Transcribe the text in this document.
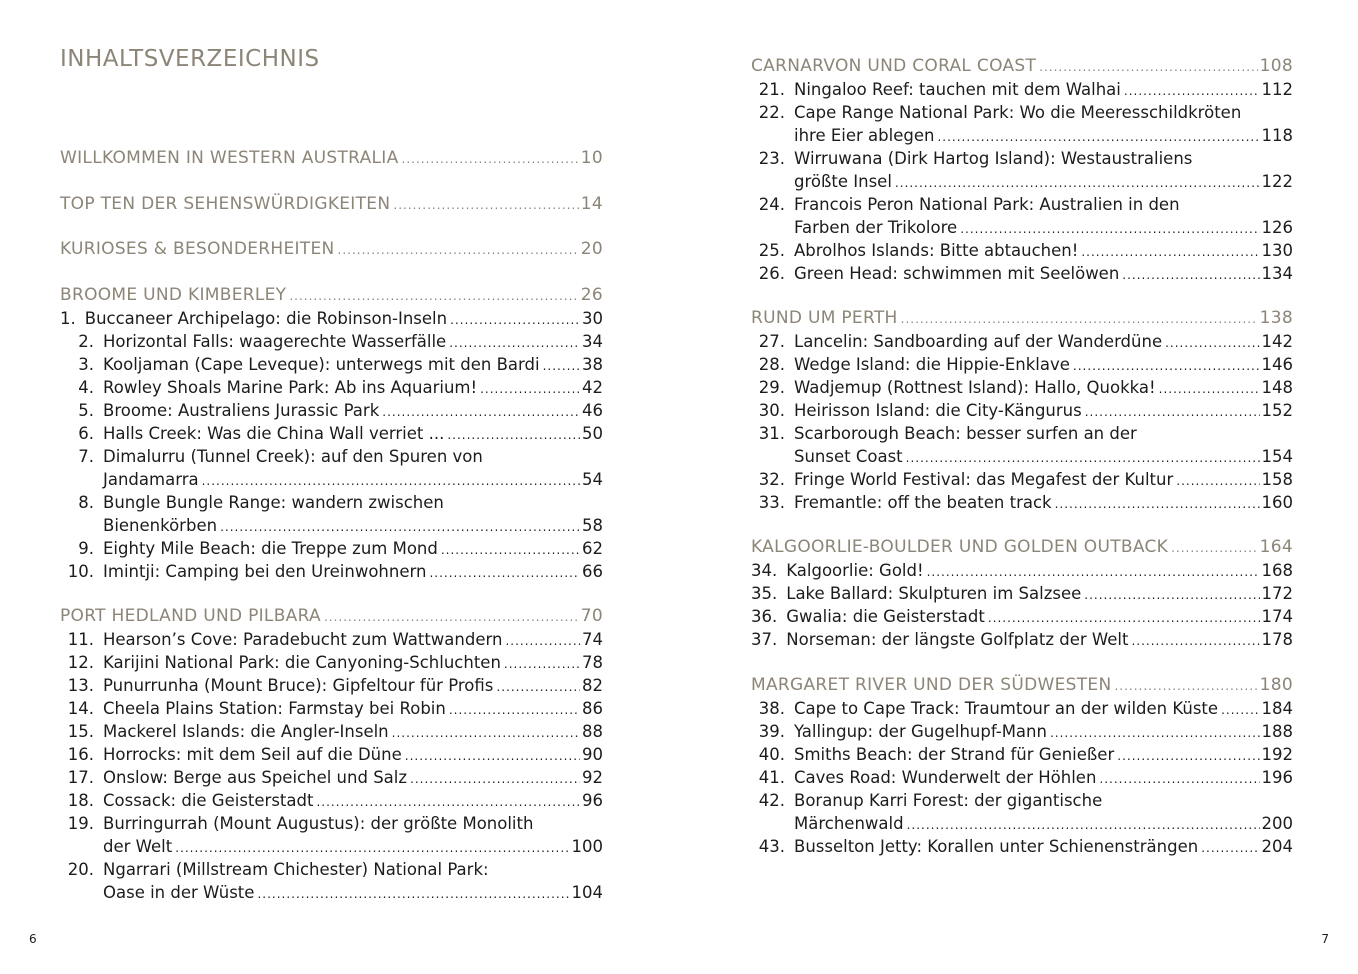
INHALTSVERZEICHNIS
WILLKOMMEN IN WESTERN AUSTRALIA .....	10
TOP TEN DER SEHENSWÜRDIGKEITEN .....	14
KURIOSES & BESONDERHEITEN .....	20
BROOME UND KIMBERLEY .....	26
1. Buccaneer Archipelago: die Robinson-Inseln .....	30
2. Horizontal Falls: waagerechte Wasserfälle .....	34
3. Kooljaman (Cape Leveque): unterwegs mit den Bardi .....	38
4. Rowley Shoals Marine Park: Ab ins Aquarium! .....	42
5. Broome: Australiens Jurassic Park .....	46
6. Halls Creek: Was die China Wall verriet ... .....	50
7. Dimalurru (Tunnel Creek): auf den Spuren von
Jandamarra .....	54
8. Bungle Bungle Range: wandern zwischen
Bienenkörben .....	58
9. Eighty Mile Beach: die Treppe zum Mond .....	62
10. Imintji: Camping bei den Ureinwohnern .....	66
PORT HEDLAND UND PILBARA .....	70
11. Hearson’s Cove: Paradebucht zum Wattwandern .....	74
12. Karijini National Park: die Canyoning-Schluchten .....	78
13. Punurrunha (Mount Bruce): Gipfeltour für Profis .....	82
14. Cheela Plains Station: Farmstay bei Robin .....	86
15. Mackerel Islands: die Angler-Inseln .....	88
16. Horrocks: mit dem Seil auf die Düne .....	90
17. Onslow: Berge aus Speichel und Salz .....	92
18. Cossack: die Geisterstadt .....	96
19. Burringurrah (Mount Augustus): der größte Monolith
der Welt .....	100
20. Ngarrari (Millstream Chichester) National Park:
Oase in der Wüste .....	104
CARNARVON UND CORAL COAST .....	108
21. Ningaloo Reef: tauchen mit dem Walhai .....	112
22. Cape Range National Park: Wo die Meeresschildkröten
ihre Eier ablegen .....	118
23. Wirruwana (Dirk Hartog Island): Westaustraliens
größte Insel .....	122
24. Francois Peron National Park: Australien in den
Farben der Trikolore .....	126
25. Abrolhos Islands: Bitte abtauchen! .....	130
26. Green Head: schwimmen mit Seelöwen .....	134
RUND UM PERTH .....	138
27. Lancelin: Sandboarding auf der Wanderdüne .....	142
28. Wedge Island: die Hippie-Enklave .....	146
29. Wadjemup (Rottnest Island): Hallo, Quokka! .....	148
30. Heirisson Island: die City-Kängurus .....	152
31. Scarborough Beach: besser surfen an der
Sunset Coast .....	154
32. Fringe World Festival: das Megafest der Kultur .....	158
33. Fremantle: off the beaten track .....	160
KALGOORLIE-BOULDER UND GOLDEN OUTBACK .....	164
34. Kalgoorlie: Gold! .....	168
35. Lake Ballard: Skulpturen im Salzsee .....	172
36. Gwalia: die Geisterstadt .....	174
37. Norseman: der längste Golfplatz der Welt .....	178
MARGARET RIVER UND DER SÜDWESTEN .....	180
38. Cape to Cape Track: Traumtour an der wilden Küste .....	184
39. Yallingup: der Gugelhupf-Mann .....	188
40. Smiths Beach: der Strand für Genießer .....	192
41. Caves Road: Wunderwelt der Höhlen .....	196
42. Boranup Karri Forest: der gigantische
Märchenwald .....	200
43. Busselton Jetty: Korallen unter Schienensträngen .....	204
6	7
